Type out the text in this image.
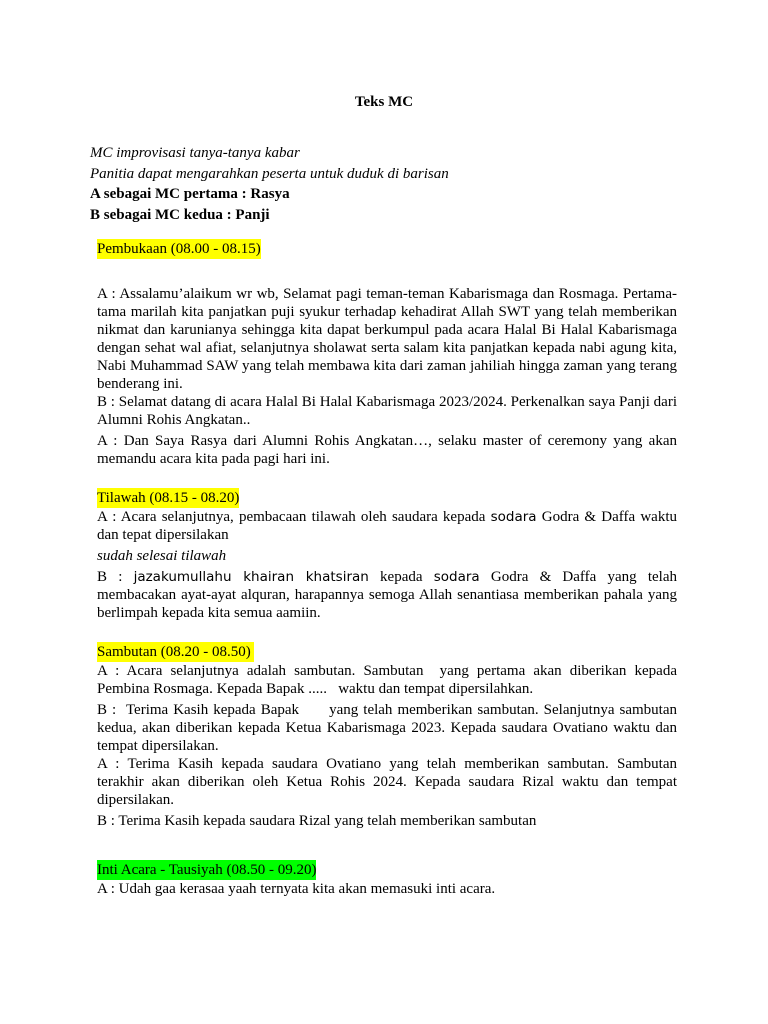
Teks MC
MC improvisasi tanya-tanya kabar
Panitia dapat mengarahkan peserta untuk duduk di barisan
A sebagai MC pertama : Rasya
B sebagai MC kedua : Panji
Pembukaan (08.00 - 08.15)

A : Assalamu’alaikum wr wb, Selamat pagi teman-teman Kabarismaga dan Rosmaga. Pertama-tama marilah kita panjatkan puji syukur terhadap kehadirat Allah SWT yang telah memberikan nikmat dan karunianya sehingga kita dapat berkumpul pada acara Halal Bi Halal Kabarismaga dengan sehat wal afiat, selanjutnya sholawat serta salam kita panjatkan kepada nabi agung kita, Nabi Muhammad SAW yang telah membawa kita dari zaman jahiliah hingga zaman yang terang benderang ini.

B : Selamat datang di acara Halal Bi Halal Kabarismaga 2023/2024. Perkenalkan saya Panji dari Alumni Rohis Angkatan..

A : Dan Saya Rasya dari Alumni Rohis Angkatan…, selaku master of ceremony yang akan memandu acara kita pada pagi hari ini.

Tilawah (08.15 - 08.20)

A : Acara selanjutnya, pembacaan tilawah oleh saudara kepada sodara Godra & Daffa waktu dan tepat dipersilakan

sudah selesai tilawah

B : jazakumullahu khairan khatsiran kepada sodara Godra & Daffa yang telah membacakan ayat-ayat alquran, harapannya semoga Allah senantiasa memberikan pahala yang berlimpah kepada kita semua aamiin.

Sambutan (08.20 - 08.50)

A : Acara selanjutnya adalah sambutan. Sambutan  yang pertama akan diberikan kepada Pembina Rosmaga. Kepada Bapak .....   waktu dan tempat dipersilahkan.

B :  Terima Kasih kepada Bapak      yang telah memberikan sambutan. Selanjutnya sambutan kedua, akan diberikan kepada Ketua Kabarismaga 2023. Kepada saudara Ovatiano waktu dan tempat dipersilakan.

A : Terima Kasih kepada saudara Ovatiano yang telah memberikan sambutan. Sambutan terakhir akan diberikan oleh Ketua Rohis 2024. Kepada saudara Rizal waktu dan tempat dipersilakan.

B : Terima Kasih kepada saudara Rizal yang telah memberikan sambutan

Inti Acara - Tausiyah (08.50 - 09.20)

A : Udah gaa kerasaa yaah ternyata kita akan memasuki inti acara.
